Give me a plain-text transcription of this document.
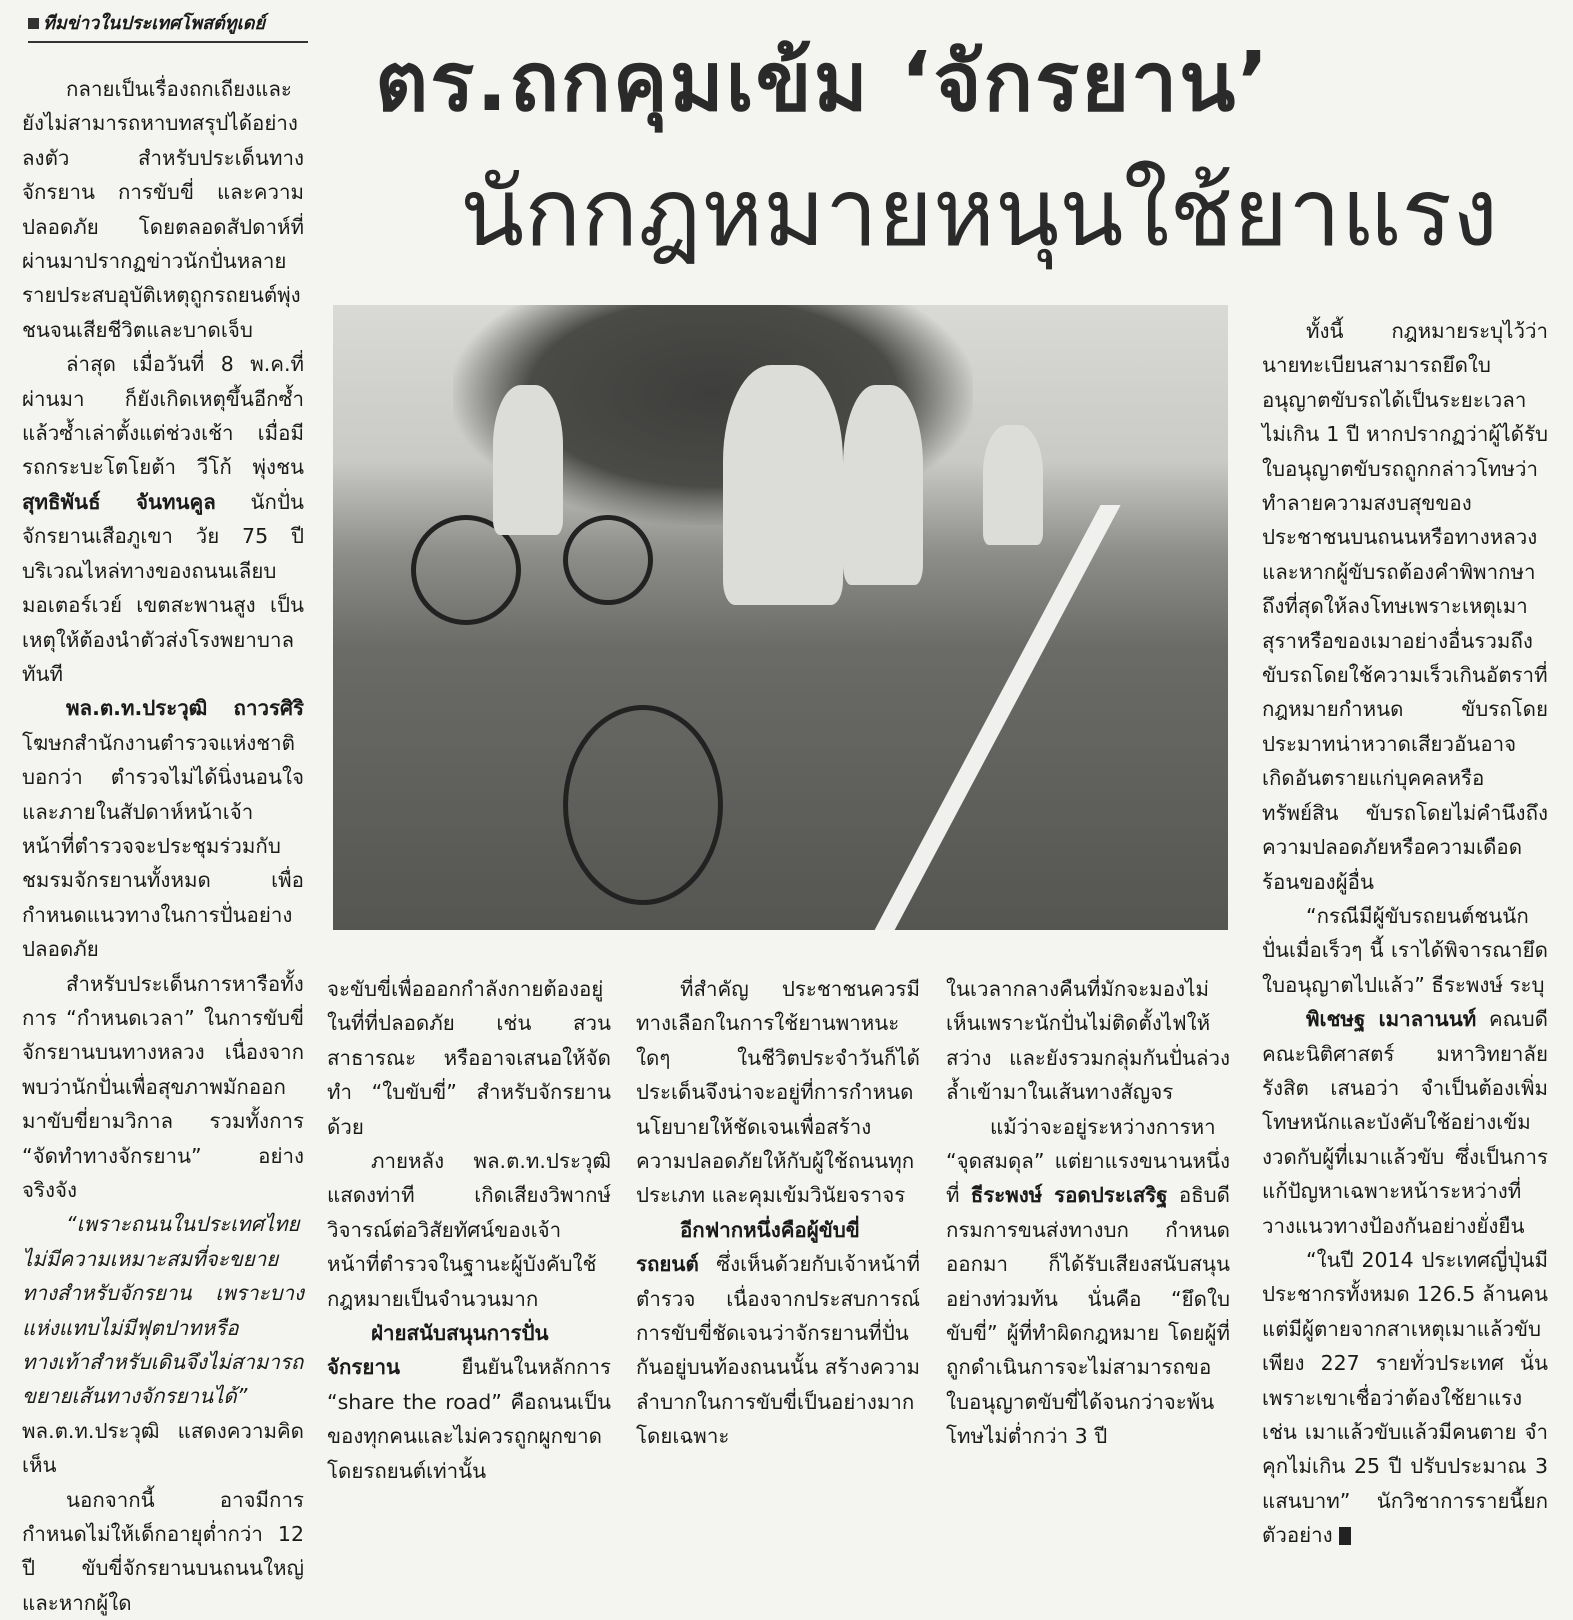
ทีมข่าวในประเทศโพสต์ทูเดย์
ตร.ถกคุมเข้ม ‘จักรยาน’
นักกฎหมายหนุนใช้ยาแรง

กลายเป็นเรื่องถกเถียงและยังไม่สามารถหาบทสรุปได้อย่างลงตัว สำหรับประเด็นทางจักรยาน การขับขี่ และความปลอดภัย โดยตลอดสัปดาห์ที่ผ่านมาปรากฏข่าวนักปั่นหลายรายประสบอุบัติเหตุถูกรถยนต์พุ่งชนจนเสียชีวิตและบาดเจ็บ

ล่าสุด เมื่อวันที่ 8 พ.ค.ที่ผ่านมา ก็ยังเกิดเหตุขึ้นอีกซ้ำแล้วซ้ำเล่าตั้งแต่ช่วงเช้า เมื่อมีรถกระบะโตโยต้า วีโก้ พุ่งชน สุทธิพันธ์ จันทนคูล นักปั่นจักรยานเสือภูเขา วัย 75 ปี บริเวณไหล่ทางของถนนเลียบมอเตอร์เวย์ เขตสะพานสูง เป็นเหตุให้ต้องนำตัวส่งโรงพยาบาลทันที

พล.ต.ท.ประวุฒิ ถาวรศิริ โฆษกสำนักงานตำรวจแห่งชาติ บอกว่า ตำรวจไม่ได้นิ่งนอนใจและภายในสัปดาห์หน้าเจ้าหน้าที่ตำรวจจะประชุมร่วมกับชมรมจักรยานทั้งหมด เพื่อกำหนดแนวทางในการปั่นอย่างปลอดภัย

สำหรับประเด็นการหารือทั้งการ “กำหนดเวลา” ในการขับขี่จักรยานบนทางหลวง เนื่องจากพบว่านักปั่นเพื่อสุขภาพมักออกมาขับขี่ยามวิกาล รวมทั้งการ “จัดทำทางจักรยาน” อย่างจริงจัง

“เพราะถนนในประเทศไทยไม่มีความเหมาะสมที่จะขยายทางสำหรับจักรยาน เพราะบางแห่งแทบไม่มีฟุตปาทหรือทางเท้าสำหรับเดินจึงไม่สามารถขยายเส้นทางจักรยานได้” พล.ต.ท.ประวุฒิ แสดงความคิดเห็น

นอกจากนี้ อาจมีการกำหนดไม่ให้เด็กอายุต่ำกว่า 12 ปี ขับขี่จักรยานบนถนนใหญ่ และหากผู้ใด

จะขับขี่เพื่อออกกำลังกายต้องอยู่ในที่ที่ปลอดภัย เช่น สวนสาธารณะ หรืออาจเสนอให้จัดทำ “ใบขับขี่” สำหรับจักรยานด้วย

ภายหลัง พล.ต.ท.ประวุฒิ แสดงท่าที เกิดเสียงวิพากษ์วิจารณ์ต่อวิสัยทัศน์ของเจ้าหน้าที่ตำรวจในฐานะผู้บังคับใช้กฎหมายเป็นจำนวนมาก

ฝ่ายสนับสนุนการปั่นจักรยาน	ยืนยันในหลักการ “share the road” คือถนนเป็นของทุกคนและไม่ควรถูกผูกขาดโดยรถยนต์เท่านั้น

ที่สำคัญ ประชาชนควรมีทางเลือกในการใช้ยานพาหนะใดๆ ในชีวิตประจำวันก็ได้ ประเด็นจึงน่าจะอยู่ที่การกำหนดนโยบายให้ชัดเจนเพื่อสร้างความปลอดภัยให้กับผู้ใช้ถนนทุกประเภท และคุมเข้มวินัยจราจร

อีกฟากหนึ่งคือผู้ขับขี่รถยนต์ ซึ่งเห็นด้วยกับเจ้าหน้าที่ตำรวจ เนื่องจากประสบการณ์การขับขี่ชัดเจนว่าจักรยานที่ปั่นกันอยู่บนท้องถนนนั้น สร้างความลำบากในการขับขี่เป็นอย่างมาก โดยเฉพาะ

ในเวลากลางคืนที่มักจะมองไม่เห็นเพราะนักปั่นไม่ติดตั้งไฟให้สว่าง และยังรวมกลุ่มกันปั่นล่วงล้ำเข้ามาในเส้นทางสัญจร

แม้ว่าจะอยู่ระหว่างการหา “จุดสมดุล” แต่ยาแรงขนานหนึ่งที่ ธีระพงษ์ รอดประเสริฐ อธิบดีกรมการขนส่งทางบก กำหนดออกมา ก็ได้รับเสียงสนับสนุนอย่างท่วมท้น นั่นคือ “ยึดใบขับขี่” ผู้ที่ทำผิดกฎหมาย โดยผู้ที่ถูกดำเนินการจะไม่สามารถขอใบอนุญาตขับขี่ได้จนกว่าจะพ้นโทษไม่ต่ำกว่า 3 ปี

ทั้งนี้ กฎหมายระบุไว้ว่า นายทะเบียนสามารถยึดใบอนุญาตขับรถได้เป็นระยะเวลาไม่เกิน 1 ปี หากปรากฏว่าผู้ได้รับใบอนุญาตขับรถถูกกล่าวโทษว่าทำลายความสงบสุขของประชาชนบนถนนหรือทางหลวง และหากผู้ขับรถต้องคำพิพากษาถึงที่สุดให้ลงโทษเพราะเหตุเมาสุราหรือของเมาอย่างอื่นรวมถึงขับรถโดยใช้ความเร็วเกินอัตราที่กฎหมายกำหนด ขับรถโดยประมาทน่าหวาดเสียวอันอาจเกิดอันตรายแก่บุคคลหรือทรัพย์สิน ขับรถโดยไม่คำนึงถึงความปลอดภัยหรือความเดือดร้อนของผู้อื่น

“กรณีมีผู้ขับรถยนต์ชนนักปั่นเมื่อเร็วๆ นี้ เราได้พิจารณายึดใบอนุญาตไปแล้ว” ธีระพงษ์ ระบุ

พิเชษฐ เมาลานนท์ คณบดีคณะนิติศาสตร์ มหาวิทยาลัยรังสิต เสนอว่า จำเป็นต้องเพิ่มโทษหนักและบังคับใช้อย่างเข้มงวดกับผู้ที่เมาแล้วขับ ซึ่งเป็นการแก้ปัญหาเฉพาะหน้าระหว่างที่วางแนวทางป้องกันอย่างยั่งยืน

“ในปี 2014 ประเทศญี่ปุ่นมีประชากรทั้งหมด 126.5 ล้านคน แต่มีผู้ตายจากสาเหตุเมาแล้วขับเพียง 227 รายทั่วประเทศ นั่นเพราะเขาเชื่อว่าต้องใช้ยาแรง เช่น เมาแล้วขับแล้วมีคนตาย จำคุกไม่เกิน 25 ปี ปรับประมาณ 3 แสนบาท” นักวิชาการรายนี้ยกตัวอย่าง
